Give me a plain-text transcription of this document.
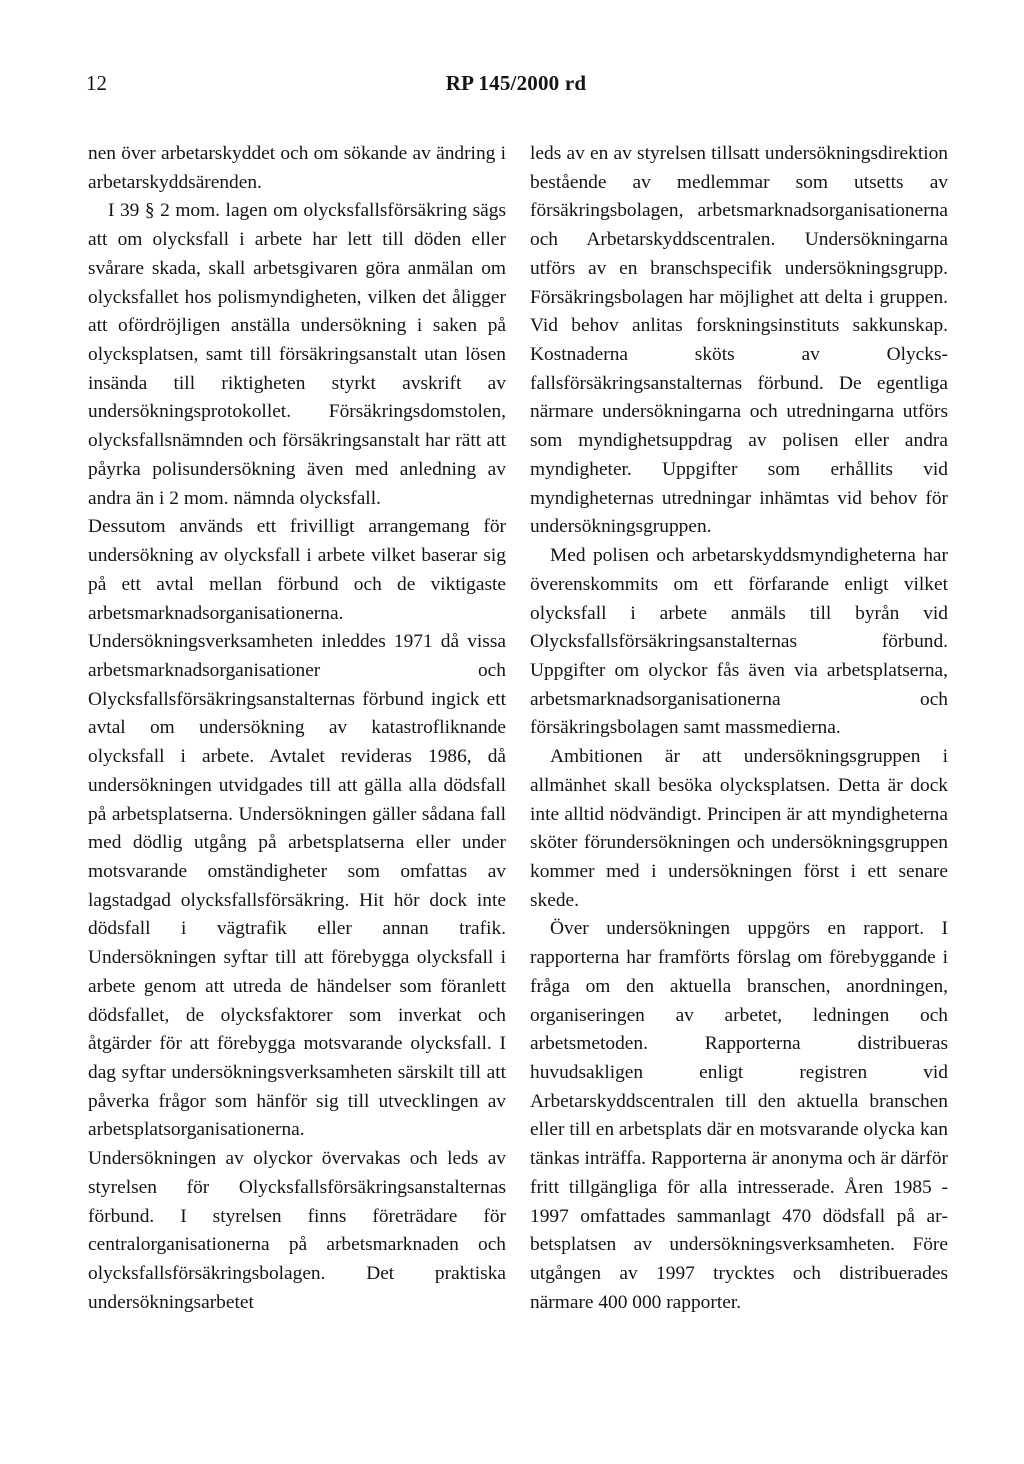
12	RP 145/2000 rd

nen över arbetarskyddet och om sökande av ändring i arbetarskyddsärenden.

I 39 § 2 mom. lagen om olycksfallsförsäkring sägs att om olycksfall i arbete har lett till döden eller svårare skada, skall arbetsgivaren göra anmälan om olycksfallet hos polismyndigheten, vilken det åligger att ofördröjligen anställa undersökning i saken på olycksplatsen, samt till försäkringsanstalt utan lösen insända till riktigheten styrkt avskrift av undersökningsprotokollet. Försäkringsdomstolen, olycksfallsnämnden och försäkringsanstalt har rätt att påyrka polisundersökning även med anledning av andra än i 2 mom. nämnda olycksfall.

Dessutom används ett frivilligt arrangemang för undersökning av olycksfall i arbete vilket baserar sig på ett avtal mellan förbund och de viktigaste arbetsmarknadsorganisationerna. Undersökningsverksamheten inleddes 1971 då vissa arbetsmarknadsorganisationer och Olycksfallsförsäkringsanstalternas förbund ingick ett avtal om undersökning av katastrofliknande olycksfall i arbete. Avtalet revideras 1986, då undersökningen utvidgades till att gälla alla dödsfall på arbetsplatserna. Undersökningen gäller sådana fall med dödlig utgång på arbetsplatserna eller under motsvarande omständigheter som omfattas av lagstadgad olycksfallsförsäkring. Hit hör dock inte dödsfall i vägtrafik eller annan trafik. Undersökningen syftar till att förebygga olycksfall i arbete genom att utreda de händelser som föranlett dödsfallet, de olycksfaktorer som inverkat och åtgärder för att förebygga motsvarande olycksfall. I dag syftar undersökningsverksamheten särskilt till att påverka frågor som hänför sig till utvecklingen av arbetsplatsorganisationerna.

Undersökningen av olyckor övervakas och leds av styrelsen för Olycksfallsförsäkringsanstalternas förbund. I styrelsen finns företrädare för centralorganisationerna på arbetsmarknaden och olycksfallsförsäkringsbolagen. Det praktiska undersökningsarbetet

leds av en av styrelsen tillsatt undersökningsdirektion bestående av medlemmar som utsetts av försäkringsbolagen, arbetsmarknadsorganisationerna och Arbetarskyddscentralen. Undersökningarna utförs av en branschspecifik undersökningsgrupp. Försäkringsbolagen har möjlighet att delta i gruppen. Vid behov anlitas forskningsinstituts sakkunskap. Kostnaderna sköts av Olycksfallsförsäkringsanstalternas förbund. De egentliga närmare undersökningarna och utredningarna utförs som myndighetsuppdrag av polisen eller andra myndigheter. Uppgifter som erhållits vid myndigheternas utredningar inhämtas vid behov för undersökningsgruppen.

Med polisen och arbetarskyddsmyndigheterna har överenskommits om ett förfarande enligt vilket olycksfall i arbete anmäls till byrån vid Olycksfallsförsäkringsanstalternas förbund. Uppgifter om olyckor fås även via arbetsplatserna, arbetsmarknadsorganisationerna och försäkringsbolagen samt massmedierna.

Ambitionen är att undersökningsgruppen i allmänhet skall besöka olycksplatsen. Detta är dock inte alltid nödvändigt. Principen är att myndigheterna sköter förundersökningen och undersökningsgruppen kommer med i undersökningen först i ett senare skede.

Över undersökningen uppgörs en rapport. I rapporterna har framförts förslag om förebyggande i fråga om den aktuella branschen, anordningen, organiseringen av arbetet, ledningen och arbetsmetoden. Rapporterna distribueras huvudsakligen enligt registren vid Arbetarskyddscentralen till den aktuella branschen eller till en arbetsplats där en motsvarande olycka kan tänkas inträffa. Rapporterna är anonyma och är därför fritt tillgängliga för alla intresserade. Åren 1985 - 1997 omfattades sammanlagt 470 dödsfall på arbetsplatsen av undersökningsverksamheten. Före utgången av 1997 trycktes och distribuerades närmare 400 000 rapporter.
